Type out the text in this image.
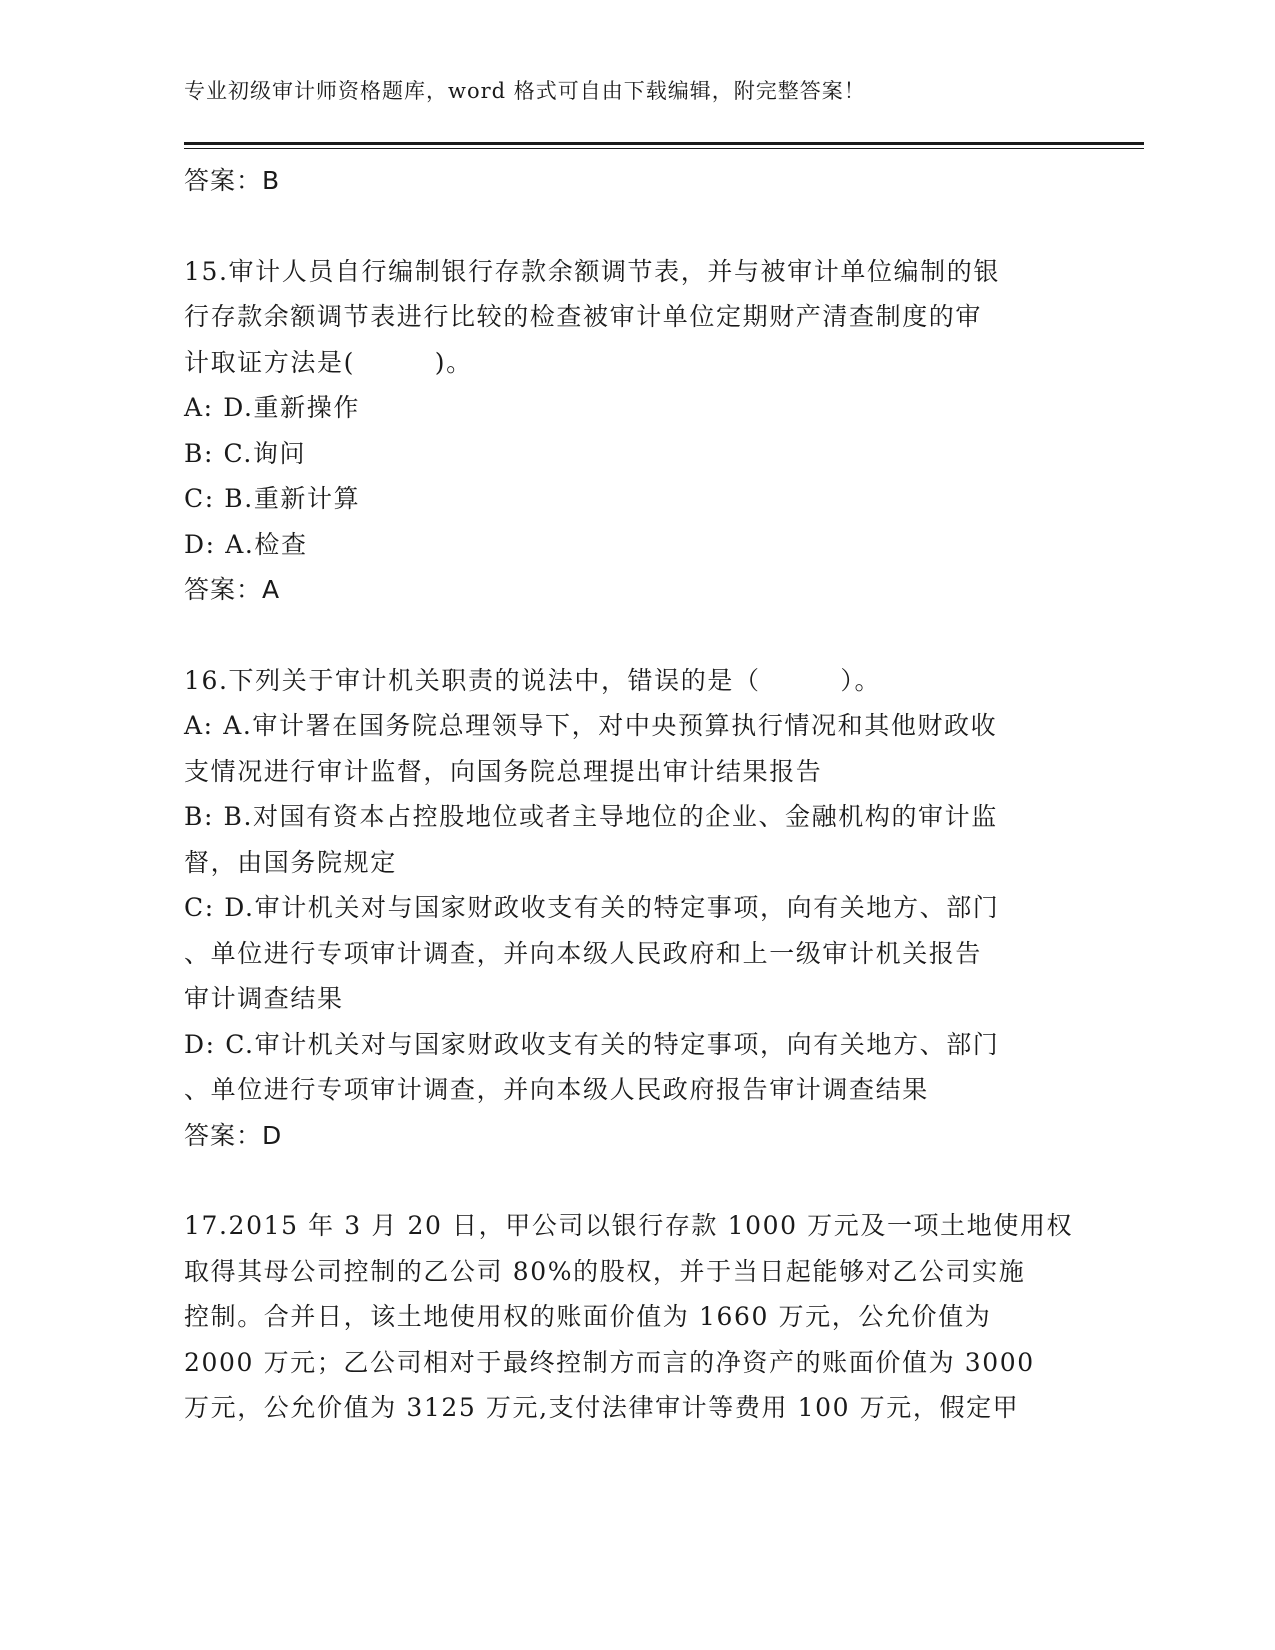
专业初级审计师资格题库，word 格式可自由下载编辑，附完整答案！
答案：B
15.审计人员自行编制银行存款余额调节表，并与被审计单位编制的银
行存款余额调节表进行比较的检查被审计单位定期财产清查制度的审
计取证方法是(　　　)。
A: D.重新操作
B: C.询问
C: B.重新计算
D: A.检查
答案：A
16.下列关于审计机关职责的说法中，错误的是（　　　）。
A: A.审计署在国务院总理领导下，对中央预算执行情况和其他财政收
支情况进行审计监督，向国务院总理提出审计结果报告
B: B.对国有资本占控股地位或者主导地位的企业、金融机构的审计监
督，由国务院规定
C: D.审计机关对与国家财政收支有关的特定事项，向有关地方、部门
、单位进行专项审计调查，并向本级人民政府和上一级审计机关报告
审计调查结果
D: C.审计机关对与国家财政收支有关的特定事项，向有关地方、部门
、单位进行专项审计调查，并向本级人民政府报告审计调查结果
答案：D
17.2015 年 3 月 20 日，甲公司以银行存款 1000 万元及一项土地使用权
取得其母公司控制的乙公司 80%的股权，并于当日起能够对乙公司实施
控制。合并日，该土地使用权的账面价值为 1660 万元，公允价值为
2000 万元；乙公司相对于最终控制方而言的净资产的账面价值为 3000
万元，公允价值为 3125 万元,支付法律审计等费用 100 万元，假定甲
